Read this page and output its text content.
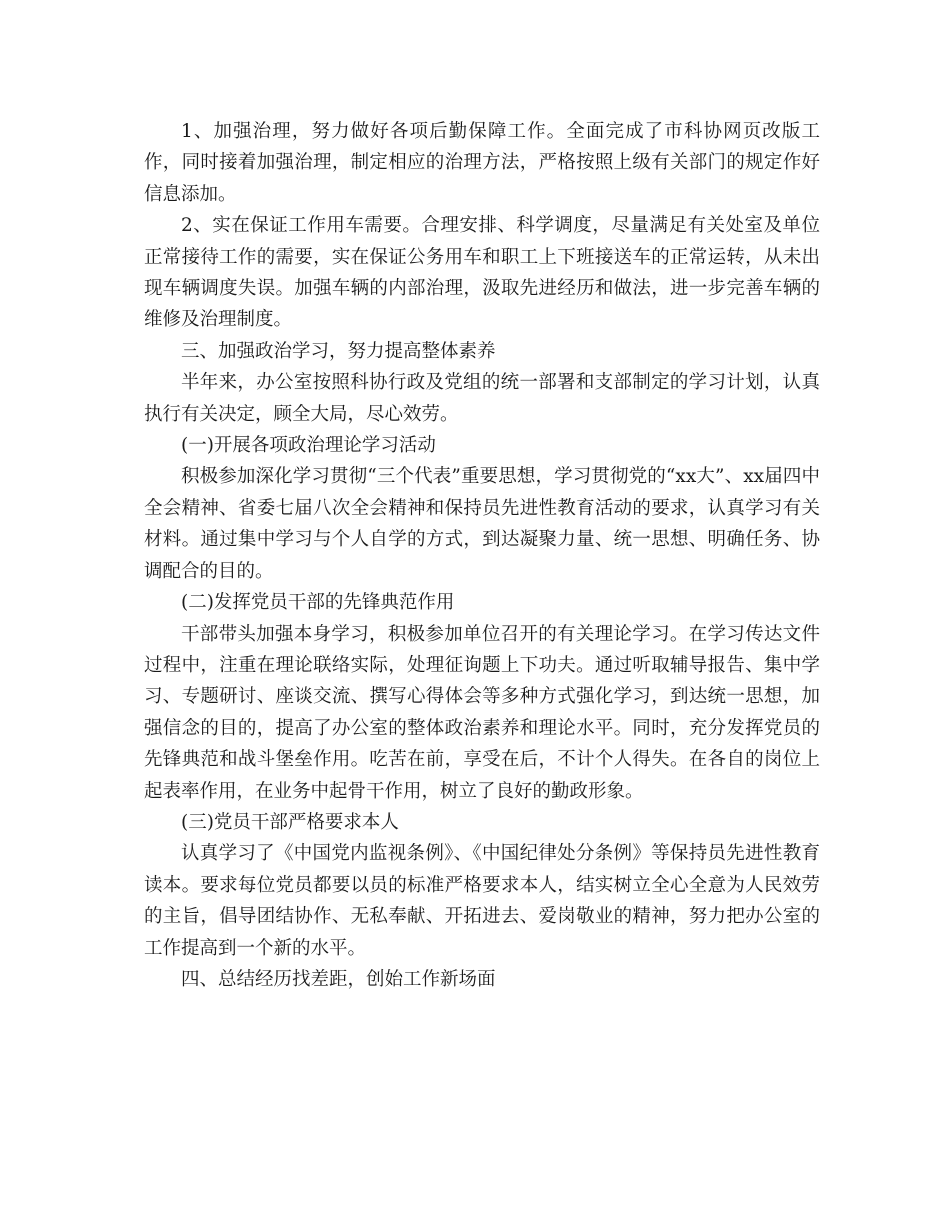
1、加强治理，努力做好各项后勤保障工作。全面完成了市科协网页改版工作，同时接着加强治理，制定相应的治理方法，严格按照上级有关部门的规定作好信息添加。

2、实在保证工作用车需要。合理安排、科学调度，尽量满足有关处室及单位正常接待工作的需要，实在保证公务用车和职工上下班接送车的正常运转，从未出现车辆调度失误。加强车辆的内部治理，汲取先进经历和做法，进一步完善车辆的维修及治理制度。

三、加强政治学习，努力提高整体素养

半年来，办公室按照科协行政及党组的统一部署和支部制定的学习计划，认真执行有关决定，顾全大局，尽心效劳。

(一)开展各项政治理论学习活动

积极参加深化学习贯彻“三个代表”重要思想，学习贯彻党的“xx大”、xx届四中全会精神、省委七届八次全会精神和保持员先进性教育活动的要求，认真学习有关材料。通过集中学习与个人自学的方式，到达凝聚力量、统一思想、明确任务、协调配合的目的。

(二)发挥党员干部的先锋典范作用

干部带头加强本身学习，积极参加单位召开的有关理论学习。在学习传达文件过程中，注重在理论联络实际，处理征询题上下功夫。通过听取辅导报告、集中学习、专题研讨、座谈交流、撰写心得体会等多种方式强化学习，到达统一思想，加强信念的目的，提高了办公室的整体政治素养和理论水平。同时，充分发挥党员的先锋典范和战斗堡垒作用。吃苦在前，享受在后，不计个人得失。在各自的岗位上起表率作用，在业务中起骨干作用，树立了良好的勤政形象。

(三)党员干部严格要求本人

认真学习了《中国党内监视条例》、《中国纪律处分条例》等保持员先进性教育读本。要求每位党员都要以员的标准严格要求本人，结实树立全心全意为人民效劳的主旨，倡导团结协作、无私奉献、开拓进去、爱岗敬业的精神，努力把办公室的工作提高到一个新的水平。

四、总结经历找差距，创始工作新场面
